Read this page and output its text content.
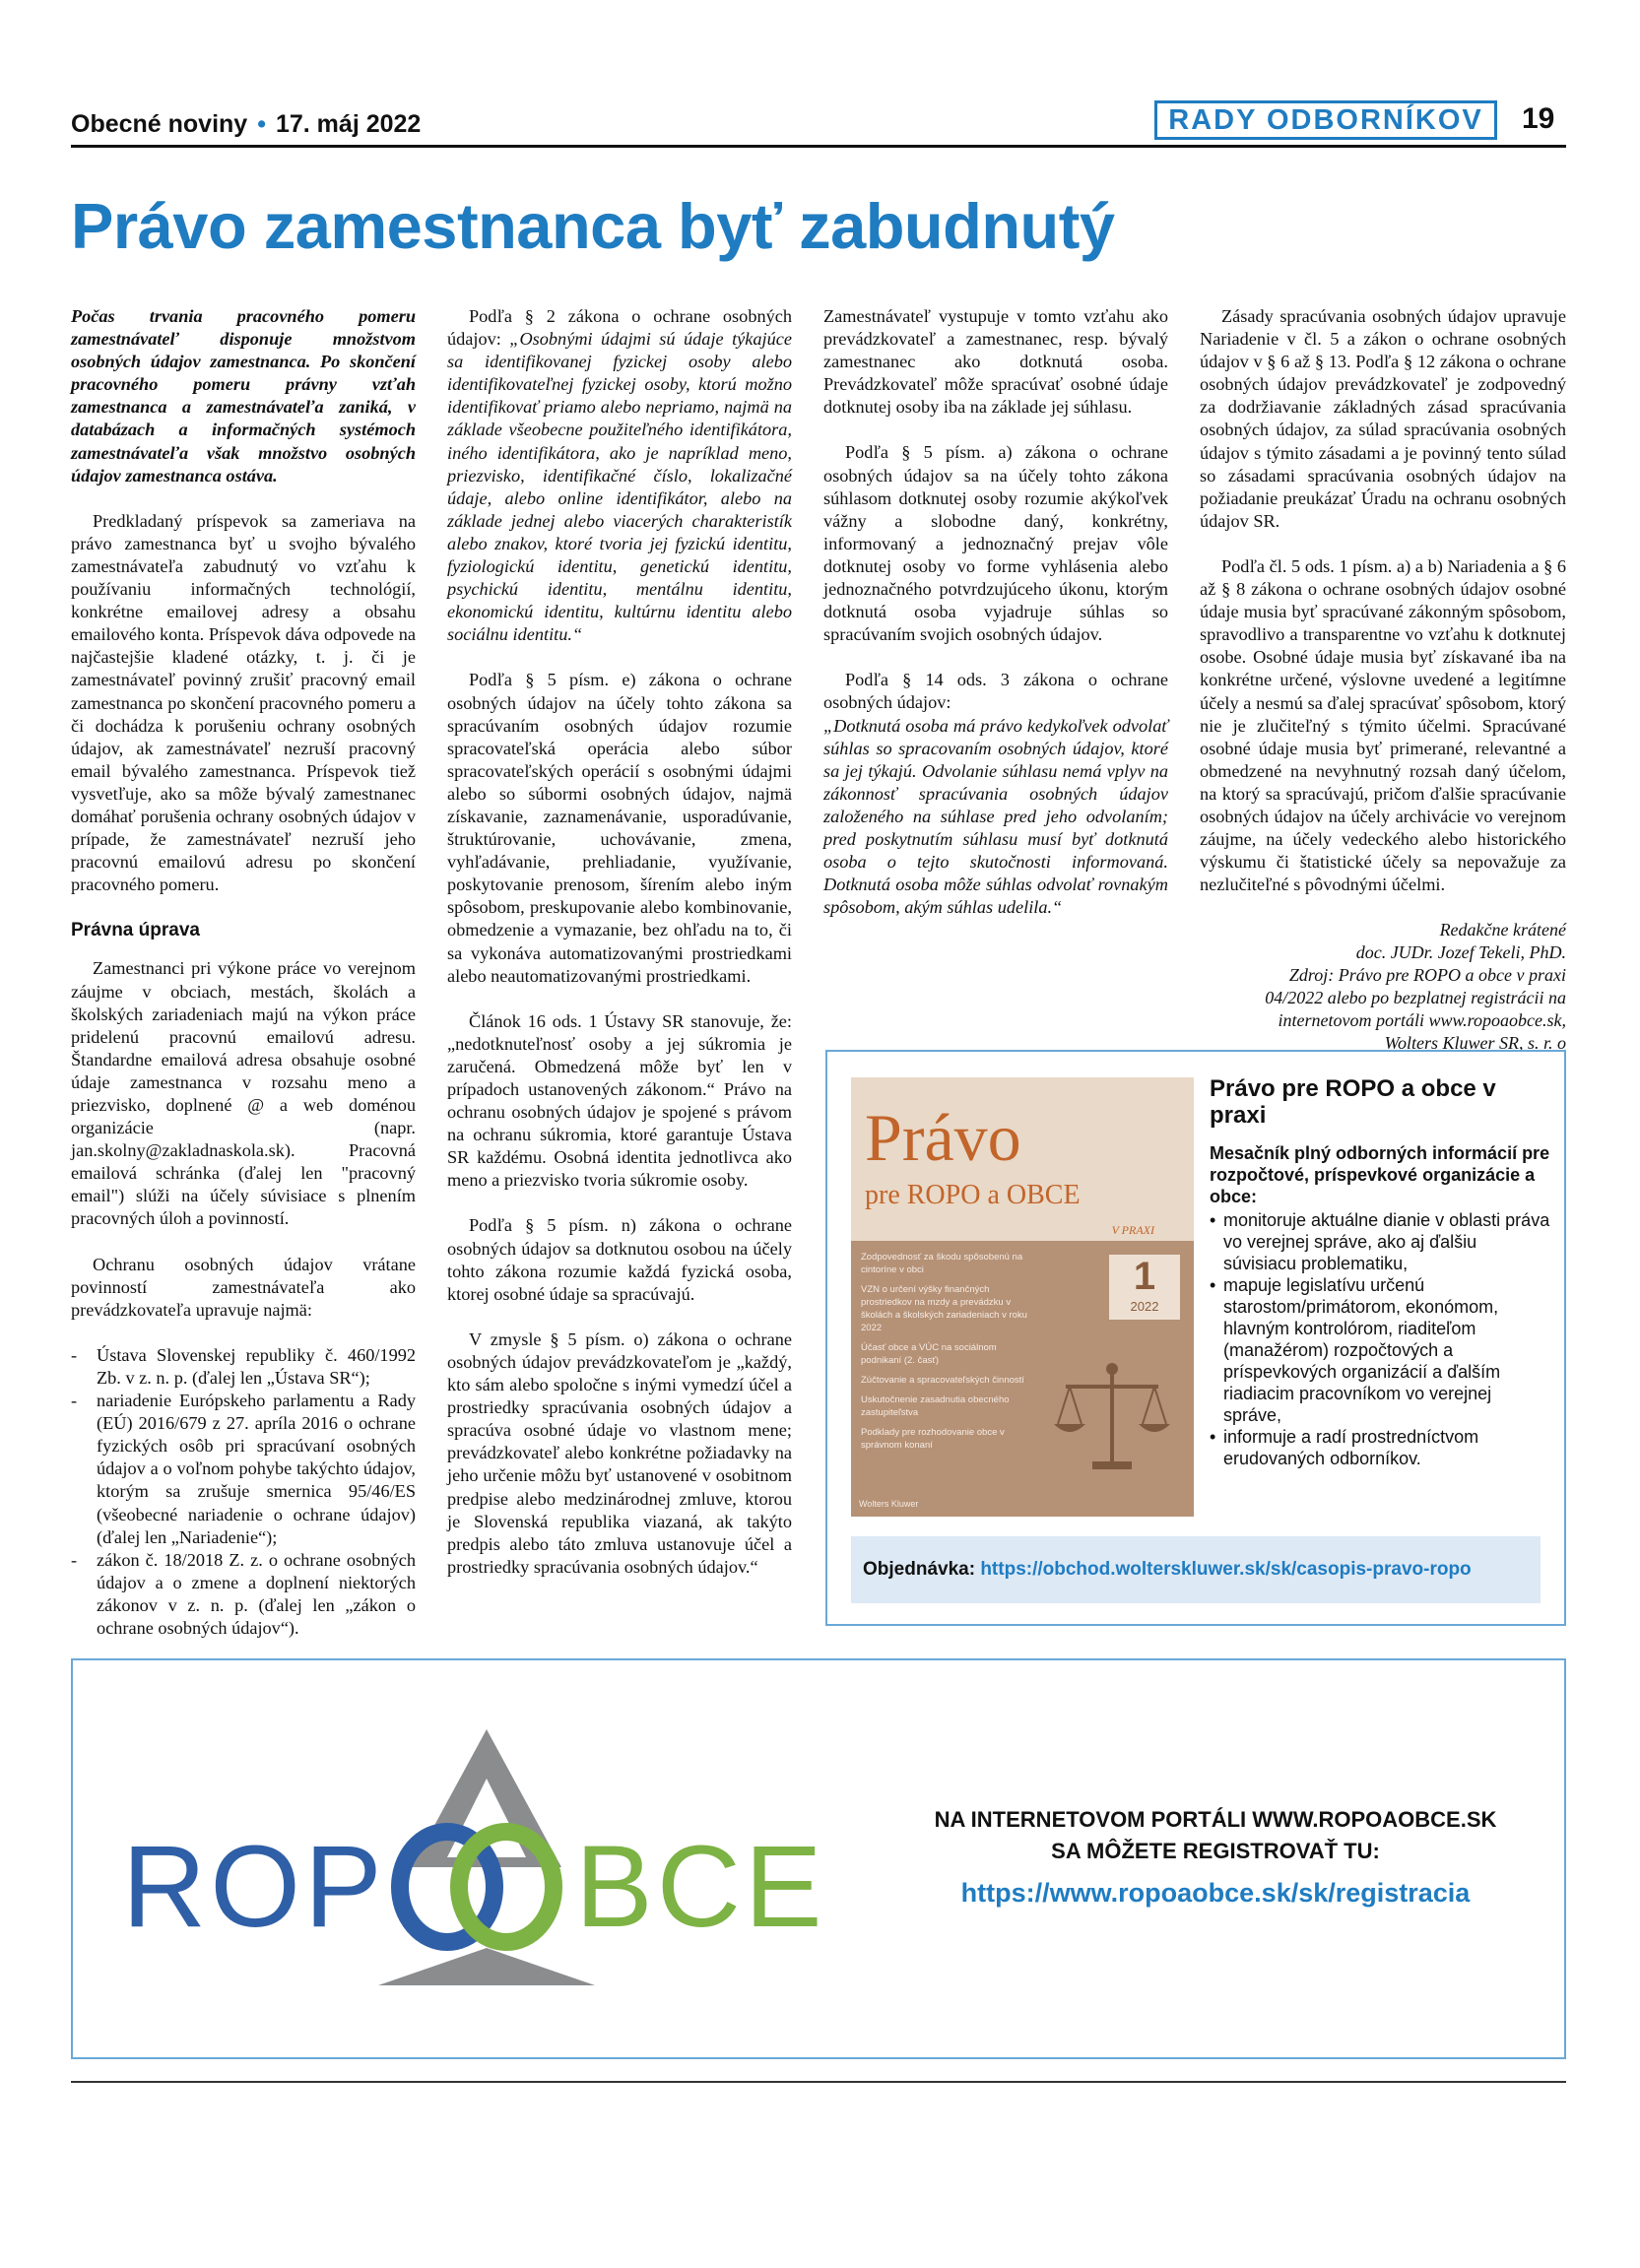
Obecné noviny • 17. máj 2022	RADY ODBORNÍKOV	19
Právo zamestnanca byť zabudnutý

Počas trvania pracovného pomeru zamestnávateľ disponuje množstvom osobných údajov zamestnanca. Po skončení pracovného pomeru právny vzťah zamestnanca a zamestnávateľa zaniká, v databázach a informačných systémoch zamestnávateľa však množstvo osobných údajov zamestnanca ostáva.

Predkladaný príspevok sa zameriava na právo zamestnanca byť u svojho bývalého zamestnávateľa zabudnutý vo vzťahu k používaniu informačných technológií, konkrétne emailovej adresy a obsahu emailového konta. Príspevok dáva odpovede na najčastejšie kladené otázky, t. j. či je zamestnávateľ povinný zrušiť pracovný email zamestnanca po skončení pracovného pomeru a či dochádza k porušeniu ochrany osobných údajov, ak zamestnávateľ nezruší pracovný email bývalého zamestnanca. Príspevok tiež vysvetľuje, ako sa môže bývalý zamestnanec domáhať porušenia ochrany osobných údajov v prípade, že zamestnávateľ nezruší jeho pracovnú emailovú adresu po skončení pracovného pomeru.

Právna úprava

Zamestnanci pri výkone práce vo verejnom záujme v obciach, mestách, školách a školských zariadeniach majú na výkon práce pridelenú pracovnú emailovú adresu. Štandardne emailová adresa obsahuje osobné údaje zamestnanca v rozsahu meno a priezvisko, doplnené @ a web doménou organizácie (napr. jan.skolny@zakladnaskola.sk). Pracovná emailová schránka (ďalej len "pracovný email") slúži na účely súvisiace s plnením pracovných úloh a povinností.

Ochranu osobných údajov vrátane povinností zamestnávateľa ako prevádzkovateľa upravuje najmä:

- Ústava Slovenskej republiky č. 460/1992 Zb. v z. n. p. (ďalej len „Ústava SR“);
- nariadenie Európskeho parlamentu a Rady (EÚ) 2016/679 z 27. apríla 2016 o ochrane fyzických osôb pri spracúvaní osobných údajov a o voľnom pohybe takýchto údajov, ktorým sa zrušuje smernica 95/46/ES (všeobecné nariadenie o ochrane údajov) (ďalej len „Nariadenie“);
- zákon č. 18/2018 Z. z. o ochrane osobných údajov a o zmene a doplnení niektorých zákonov v z. n. p. (ďalej len „zákon o ochrane osobných údajov“).

Podľa § 2 zákona o ochrane osobných údajov: „Osobnými údajmi sú údaje týkajúce sa identifikovanej fyzickej osoby alebo identifikovateľnej fyzickej osoby, ktorú možno identifikovať priamo alebo nepriamo, najmä na základe všeobecne použiteľného identifikátora, iného identifikátora, ako je napríklad meno, priezvisko, identifikačné číslo, lokalizačné údaje, alebo online identifikátor, alebo na základe jednej alebo viacerých charakteristík alebo znakov, ktoré tvoria jej fyzickú identitu, fyziologickú identitu, genetickú identitu, psychickú identitu, mentálnu identitu, ekonomickú identitu, kultúrnu identitu alebo sociálnu identitu.“

Podľa § 5 písm. e) zákona o ochrane osobných údajov na účely tohto zákona sa spracúvaním osobných údajov rozumie spracovateľská operácia alebo súbor spracovateľských operácií s osobnými údajmi alebo so súbormi osobných údajov, najmä získavanie, zaznamenávanie, usporadúvanie, štruktúrovanie, uchovávanie, zmena, vyhľadávanie, prehliadanie, využívanie, poskytovanie prenosom, šírením alebo iným spôsobom, preskupovanie alebo kombinovanie, obmedzenie a vymazanie, bez ohľadu na to, či sa vykonáva automatizovanými prostriedkami alebo neautomatizovanými prostriedkami.

Článok 16 ods. 1 Ústavy SR stanovuje, že: „nedotknuteľnosť osoby a jej súkromia je zaručená. Obmedzená môže byť len v prípadoch ustanovených zákonom.“ Právo na ochranu osobných údajov je spojené s právom na ochranu súkromia, ktoré garantuje Ústava SR každému. Osobná identita jednotlivca ako meno a priezvisko tvoria súkromie osoby.

Podľa § 5 písm. n) zákona o ochrane osobných údajov sa dotknutou osobou na účely tohto zákona rozumie každá fyzická osoba, ktorej osobné údaje sa spracúvajú.

V zmysle § 5 písm. o) zákona o ochrane osobných údajov prevádzkovateľom je „každý, kto sám alebo spoločne s inými vymedzí účel a prostriedky spracúvania osobných údajov a spracúva osobné údaje vo vlastnom mene; prevádzkovateľ alebo konkrétne požiadavky na jeho určenie môžu byť ustanovené v osobitnom predpise alebo medzinárodnej zmluve, ktorou je Slovenská republika viazaná, ak takýto predpis alebo táto zmluva ustanovuje účel a prostriedky spracúvania osobných údajov.“

Zamestnávateľ vystupuje v tomto vzťahu ako prevádzkovateľ a zamestnanec, resp. bývalý zamestnanec ako dotknutá osoba. Prevádzkovateľ môže spracúvať osobné údaje dotknutej osoby iba na základe jej súhlasu.

Podľa § 5 písm. a) zákona o ochrane osobných údajov sa na účely tohto zákona súhlasom dotknutej osoby rozumie akýkoľvek vážny a slobodne daný, konkrétny, informovaný a jednoznačný prejav vôle dotknutej osoby vo forme vyhlásenia alebo jednoznačného potvrdzujúceho úkonu, ktorým dotknutá osoba vyjadruje súhlas so spracúvaním svojich osobných údajov.

Podľa § 14 ods. 3 zákona o ochrane osobných údajov:

„Dotknutá osoba má právo kedykoľvek odvolať súhlas so spracovaním osobných údajov, ktoré sa jej týkajú. Odvolanie súhlasu nemá vplyv na zákonnosť spracúvania osobných údajov založeného na súhlase pred jeho odvolaním; pred poskytnutím súhlasu musí byť dotknutá osoba o tejto skutočnosti informovaná. Dotknutá osoba môže súhlas odvolať rovnakým spôsobom, akým súhlas udelila.“

Zásady spracúvania osobných údajov upravuje Nariadenie v čl. 5 a zákon o ochrane osobných údajov v § 6 až § 13. Podľa § 12 zákona o ochrane osobných údajov prevádzkovateľ je zodpovedný za dodržiavanie základných zásad spracúvania osobných údajov, za súlad spracúvania osobných údajov s týmito zásadami a je povinný tento súlad so zásadami spracúvania osobných údajov na požiadanie preukázať Úradu na ochranu osobných údajov SR.

Podľa čl. 5 ods. 1 písm. a) a b) Nariadenia a § 6 až § 8 zákona o ochrane osobných údajov osobné údaje musia byť spracúvané zákonným spôsobom, spravodlivo a transparentne vo vzťahu k dotknutej osobe. Osobné údaje musia byť získavané iba na konkrétne určené, výslovne uvedené a legitímne účely a nesmú sa ďalej spracúvať spôsobom, ktorý nie je zlučiteľný s týmito účelmi. Spracúvané osobné údaje musia byť primerané, relevantné a obmedzené na nevyhnutný rozsah daný účelom, na ktorý sa spracúvajú, pričom ďalšie spracúvanie osobných údajov na účely archivácie vo verejnom záujme, na účely vedeckého alebo historického výskumu či štatistické účely sa nepovažuje za nezlučiteľné s pôvodnými účelmi.

Redakčne krátené
doc. JUDr. Jozef Tekeli, PhD.
Zdroj: Právo pre ROPO a obce v praxi
04/2022 alebo po bezplatnej registrácii na
internetovom portáli www.ropoaobce.sk,
Wolters Kluwer SR, s. r. o
Právo
pre ROPO a OBCE
V PRAXI
Zodpovednosť za škodu spôsobenú na cintoríne v obci
VZN o určení výšky finančných prostriedkov na mzdy a prevádzku v školách a školských zariadeniach v roku 2022
Účasť obce a VÚC na sociálnom podnikaní (2. časť)
Zúčtovanie a spracovateľských činností
Uskutočnenie zasadnutia obecného zastupiteľstva
Podklady pre rozhodovanie obce v správnom konaní
1
2022
Wolters Kluwer
Právo pre ROPO a obce v praxi
Mesačník plný odborných informácií pre rozpočtové, príspevkové organizácie a obce:
• monitoruje aktuálne dianie v oblasti práva vo verejnej správe, ako aj ďalšiu súvisiacu problematiku,
• mapuje legislatívu určenú starostom/primátorom, ekonómom, hlavným kontrolórom, riaditeľom (manažérom) rozpočtových a príspevkových organizácií a ďalším riadiacim pracovníkom vo verejnej správe,
• informuje a radí prostredníctvom erudovaných odborníkov.
Objednávka: https://obchod.wolterskluwer.sk/sk/casopis-pravo-ropo
ROP BCE
NA INTERNETOVOM PORTÁLI WWW.ROPOAOBCE.SK
SA MÔŽETE REGISTROVAŤ TU:
https://www.ropoaobce.sk/sk/registracia
